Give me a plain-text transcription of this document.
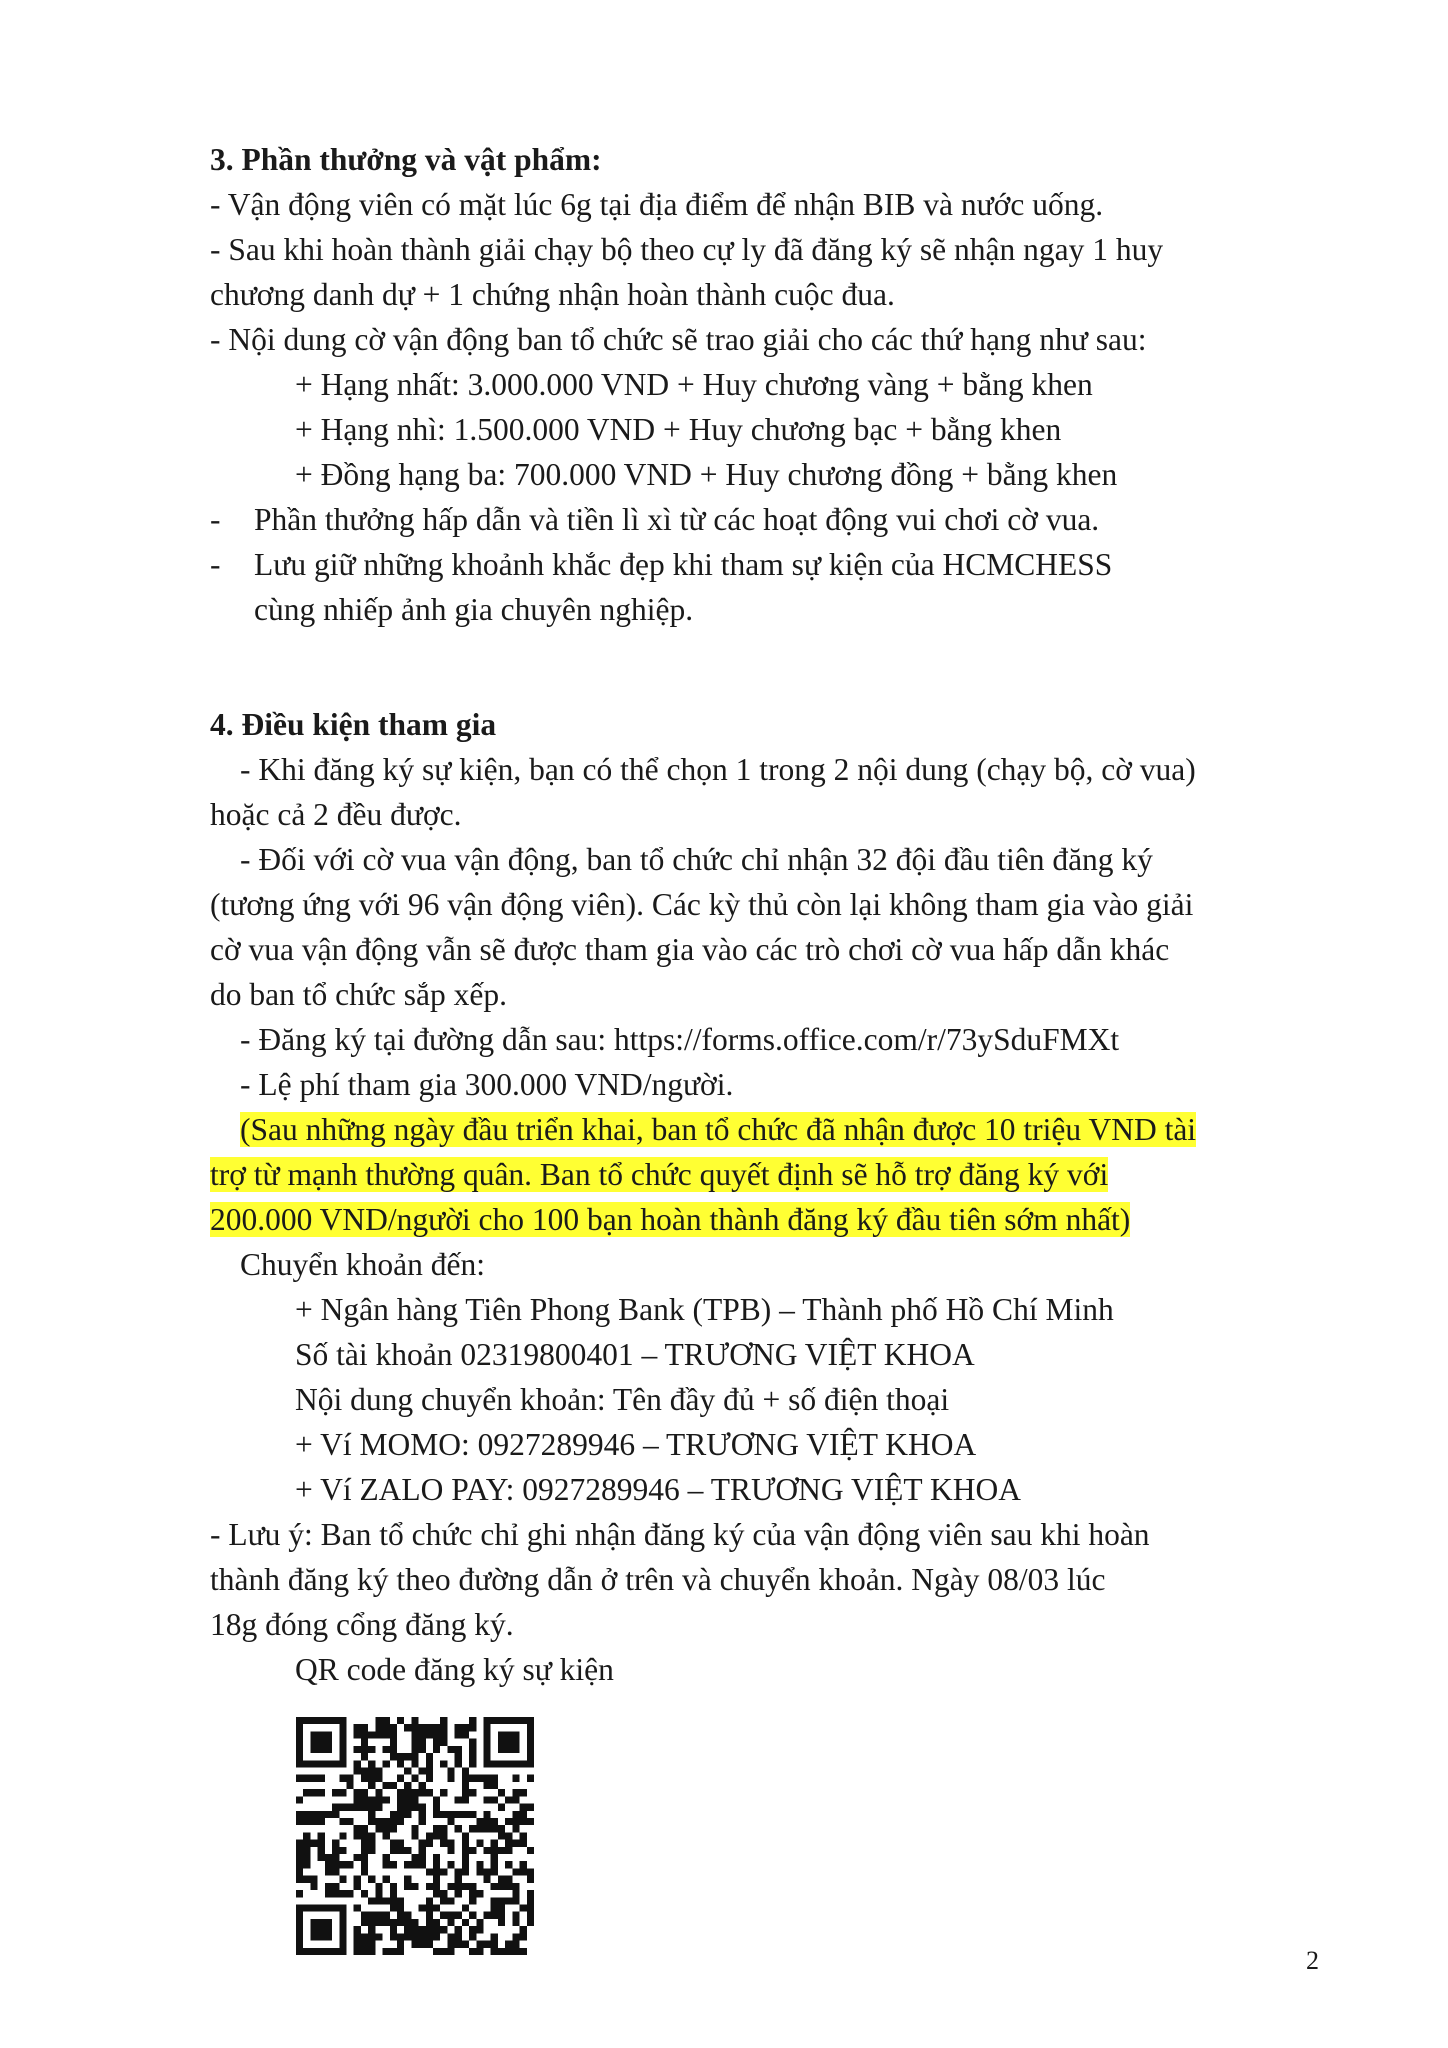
3. Phần thưởng và vật phẩm:
- Vận động viên có mặt lúc 6g tại địa điểm để nhận BIB và nước uống.
- Sau khi hoàn thành giải chạy bộ theo cự ly đã đăng ký sẽ nhận ngay 1 huy
chương danh dự + 1 chứng nhận hoàn thành cuộc đua.
- Nội dung cờ vận động ban tổ chức sẽ trao giải cho các thứ hạng như sau:
+ Hạng nhất: 3.000.000 VND + Huy chương vàng + bằng khen
+ Hạng nhì: 1.500.000 VND + Huy chương bạc + bằng khen
+ Đồng hạng ba: 700.000 VND + Huy chương đồng + bằng khen
- Phần thưởng hấp dẫn và tiền lì xì từ các hoạt động vui chơi cờ vua.
- Lưu giữ những khoảnh khắc đẹp khi tham sự kiện của HCMCHESS
cùng nhiếp ảnh gia chuyên nghiệp.
4. Điều kiện tham gia
- Khi đăng ký sự kiện, bạn có thể chọn 1 trong 2 nội dung (chạy bộ, cờ vua)
hoặc cả 2 đều được.
- Đối với cờ vua vận động, ban tổ chức chỉ nhận 32 đội đầu tiên đăng ký
(tương ứng với 96 vận động viên). Các kỳ thủ còn lại không tham gia vào giải
cờ vua vận động vẫn sẽ được tham gia vào các trò chơi cờ vua hấp dẫn khác
do ban tổ chức sắp xếp.
- Đăng ký tại đường dẫn sau: https://forms.office.com/r/73ySduFMXt
- Lệ phí tham gia 300.000 VND/người.
(Sau những ngày đầu triển khai, ban tổ chức đã nhận được 10 triệu VND tài
trợ từ mạnh thường quân. Ban tổ chức quyết định sẽ hỗ trợ đăng ký với
200.000 VND/người cho 100 bạn hoàn thành đăng ký đầu tiên sớm nhất)
Chuyển khoản đến:
+ Ngân hàng Tiên Phong Bank (TPB) – Thành phố Hồ Chí Minh
Số tài khoản 02319800401 – TRƯƠNG VIỆT KHOA
Nội dung chuyển khoản: Tên đầy đủ + số điện thoại
+ Ví MOMO: 0927289946 – TRƯƠNG VIỆT KHOA
+ Ví ZALO PAY: 0927289946 – TRƯƠNG VIỆT KHOA
- Lưu ý: Ban tổ chức chỉ ghi nhận đăng ký của vận động viên sau khi hoàn
thành đăng ký theo đường dẫn ở trên và chuyển khoản. Ngày 08/03 lúc
18g đóng cổng đăng ký.
QR code đăng ký sự kiện
2
